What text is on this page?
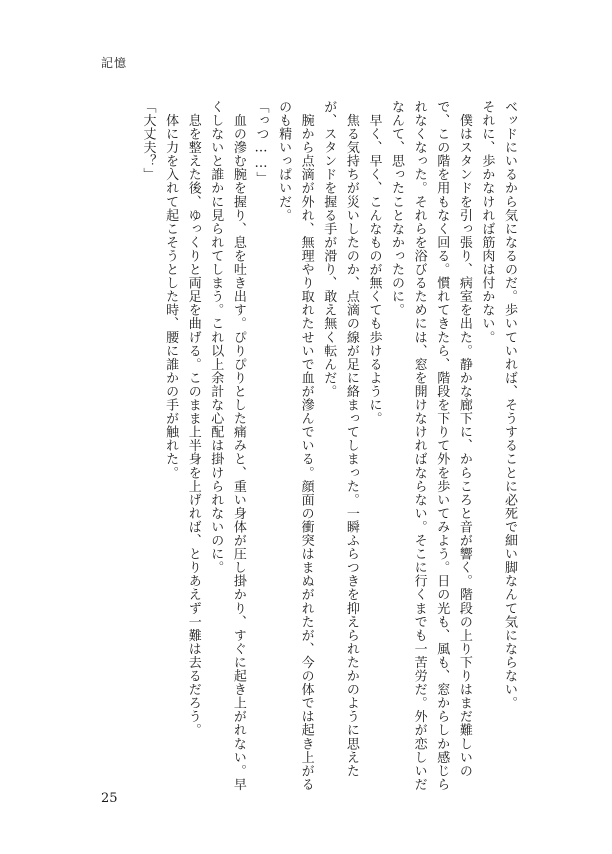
記憶
ベッドにいるから気になるのだ。歩いていれば、そうすることに必死で細い脚なんて気にならない。
それに、歩かなければ筋肉は付かない。
　僕はスタンドを引っ張り、病室を出た。静かな廊下に、からころと音が響く。階段の上り下りはまだ難しいの
で、この階を用もなく回る。慣れてきたら、階段を下りて外を歩いてみよう。日の光も、風も、窓からしか感じら
れなくなった。それらを浴びるためには、窓を開けなければならない。そこに行くまでも一苦労だ。外が恋しいだ
なんて、思ったことなかったのに。
　早く、早く、こんなものが無くても歩けるように。
　焦る気持ちが災いしたのか、点滴の線が足に絡まってしまった。一瞬ふらつきを抑えられたかのように思えた
が、スタンドを握る手が滑り、敢え無く転んだ。
　腕から点滴が外れ、無理やり取れたせいで血が滲んでいる。顔面の衝突はまぬがれたが、今の体では起き上がる
のも精いっぱいだ。
「っつ……」
　血の滲む腕を握り、息を吐き出す。ぴりぴりとした痛みと、重い身体が圧し掛かり、すぐに起き上がれない。早
くしないと誰かに見られてしまう。これ以上余計な心配は掛けられないのに。
　息を整えた後、ゆっくりと両足を曲げる。このまま上半身を上げれば、とりあえず一難は去るだろう。
　体に力を入れて起こそうとした時、腰に誰かの手が触れた。
「大丈夫？」
25
